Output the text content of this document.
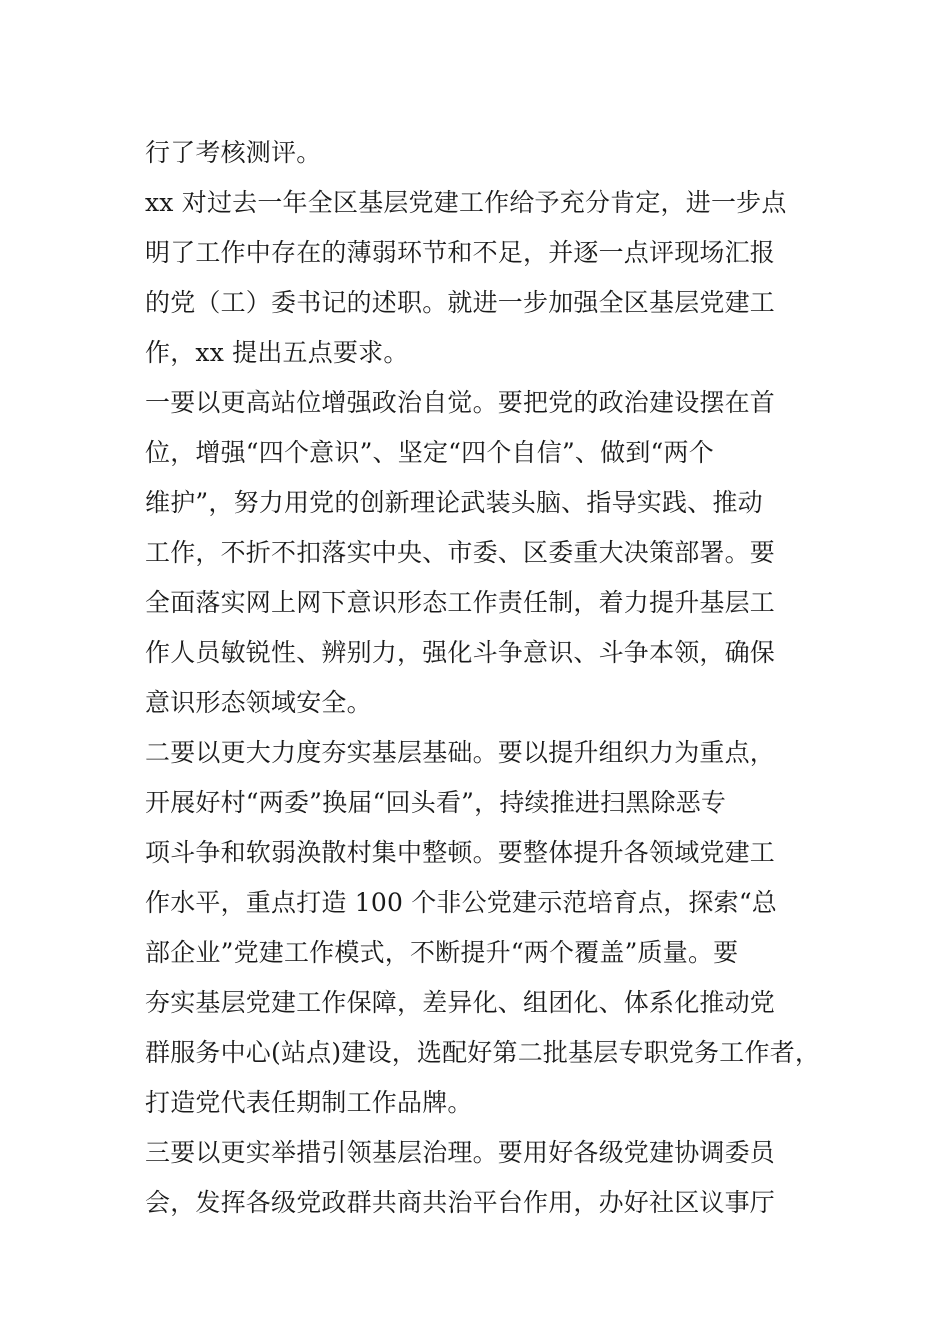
行了考核测评。
xx 对过去一年全区基层党建工作给予充分肯定，进一步点
明了工作中存在的薄弱环节和不足，并逐一点评现场汇报
的党（工）委书记的述职。就进一步加强全区基层党建工
作，xx 提出五点要求。
一要以更高站位增强政治自觉。要把党的政治建设摆在首
位，增强“四个意识”、坚定“四个自信”、做到“两个
维护”，努力用党的创新理论武装头脑、指导实践、推动
工作，不折不扣落实中央、市委、区委重大决策部署。要
全面落实网上网下意识形态工作责任制，着力提升基层工
作人员敏锐性、辨别力，强化斗争意识、斗争本领，确保
意识形态领域安全。
二要以更大力度夯实基层基础。要以提升组织力为重点，
开展好村“两委”换届“回头看”，持续推进扫黑除恶专
项斗争和软弱涣散村集中整顿。要整体提升各领域党建工
作水平，重点打造 100 个非公党建示范培育点，探索“总
部企业”党建工作模式，不断提升“两个覆盖”质量。要
夯实基层党建工作保障，差异化、组团化、体系化推动党
群服务中心(站点)建设，选配好第二批基层专职党务工作者，
打造党代表任期制工作品牌。
三要以更实举措引领基层治理。要用好各级党建协调委员
会，发挥各级党政群共商共治平台作用，办好社区议事厅
